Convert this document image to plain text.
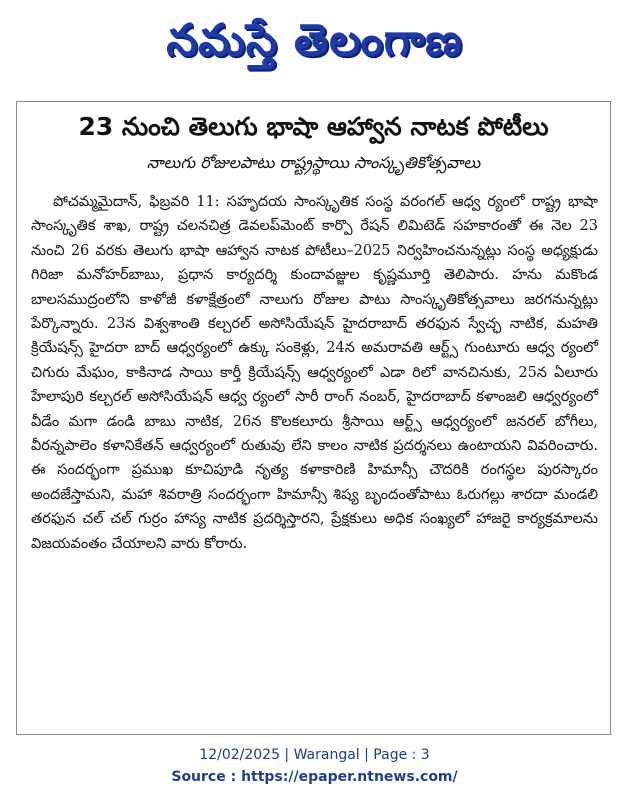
నమస్తే తెలంగాణ
23 నుంచి తెలుగు భాషా ఆహ్వాన నాటక పోటీలు
నాలుగు రోజులపాటు రాష్ట్రస్థాయి సాంస్కృతికోత్సవాలు

పోచమ్మమైదాన్, ఫిబ్రవరి 11: సహృదయ సాంస్కృతిక సంస్థ వరంగల్ ఆధ్వ ర్యంలో రాష్ట్ర భాషా సాంస్కృతిక శాఖ, రాష్ట్ర చలనచిత్ర డెవలప్‌మెంట్ కార్పొ రేషన్ లిమిటెడ్ సహకారంతో ఈ నెల 23 నుంచి 26 వరకు తెలుగు భాషా ఆహ్వాన నాటక పోటీలు–2025 నిర్వహించనున్నట్లు సంస్థ అధ్యక్షుడు గిరిజా మనోహర్‌బాబు, ప్రధాన కార్యదర్శి కుందావజ్జుల కృష్ణమూర్తి తెలిపారు. హను మకొండ బాలసముద్రంలోని కాళోజీ కళాక్షేత్రంలో నాలుగు రోజుల పాటు సాంస్కృతికోత్సవాలు జరగనున్నట్లు పేర్కొన్నారు. 23న విశ్వశాంతి కల్చరల్ అసోసియేషన్ హైదరాబాద్ తరఫున స్వేచ్ఛ నాటిక, మహతి క్రియేషన్స్ హైదరా బాద్ ఆధ్వర్యంలో ఉక్కు సంకెళ్లు, 24న అమరావతి ఆర్ట్స్ గుంటూరు ఆధ్వ ర్యంలో చిగురు మేఘం, కాకినాడ సాయి కార్తీ క్రియేషన్స్ ఆధ్వర్యంలో ఎడా రిలో వానచినుకు, 25న ఏలూరు హేలాపురి కల్చరల్ అసోసియేషన్ ఆధ్వ ర్యంలో సారీ రాంగ్ నంబర్, హైదరాబాద్ కళాంజలి ఆధ్వర్యంలో వీడేం మగా డండి బాబు నాటిక, 26న కొలకలూరు శ్రీసాయి ఆర్ట్స్ ఆధ్వర్యంలో జనరల్ బోగీలు, వీరన్నపాలెం కళానికేతన్ ఆధ్వర్యంలో రుతువు లేని కాలం నాటిక ప్రదర్శనలు ఉంటాయని వివరించారు. ఈ సందర్భంగా ప్రముఖ కూచిపూడి నృత్య కళాకారిణి హిమాన్సీ చౌదరికి రంగస్థల పురస్కారం అందజేస్తామని, మహా శివరాత్రి సందర్భంగా హిమాన్సీ శిష్య బృందంతోపాటు ఓరుగల్లు శారదా మండలి తరఫున చల్ చల్ గుర్రం హాస్య నాటిక ప్రదర్శిస్తారని, ప్రేక్షకులు అధిక సంఖ్యలో హాజరై కార్యక్రమాలను విజయవంతం చేయాలని వారు కోరారు.

12/02/2025 | Warangal | Page : 3
Source : https://epaper.ntnews.com/
